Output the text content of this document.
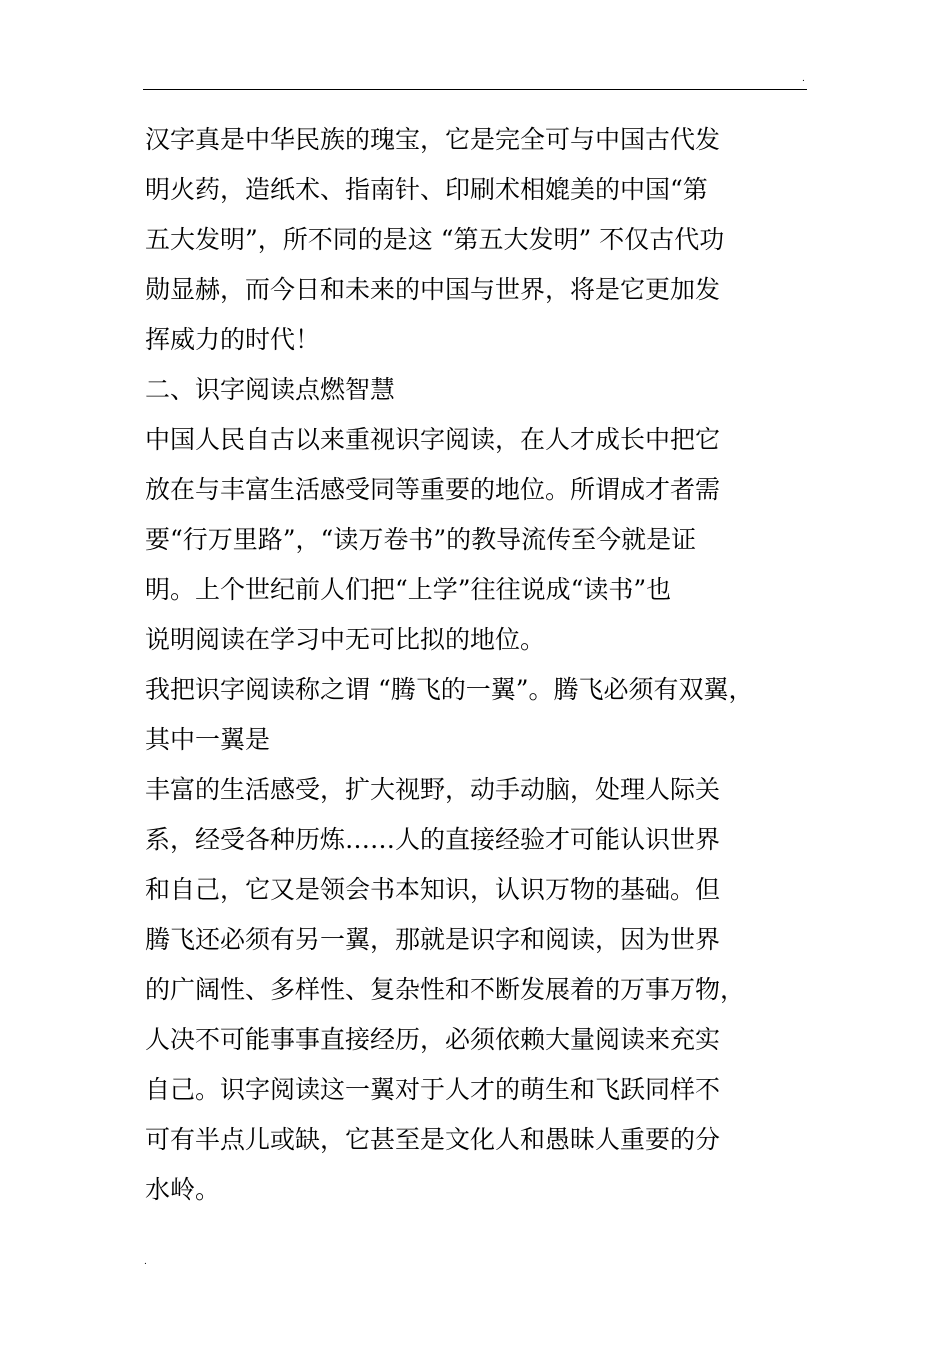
.
汉字真是中华民族的瑰宝，它是完全可与中国古代发
明火药，造纸术、指南针、印刷术相媲美的中国“第
五大发明”，所不同的是这 “第五大发明” 不仅古代功
勋显赫，而今日和未来的中国与世界，将是它更加发
挥威力的时代！
二、识字阅读点燃智慧
中国人民自古以来重视识字阅读，在人才成长中把它
放在与丰富生活感受同等重要的地位。所谓成才者需
要“行万里路”，“读万卷书”的教导流传至今就是证
明。上个世纪前人们把“上学”往往说成“读书”也
说明阅读在学习中无可比拟的地位。
我把识字阅读称之谓 “腾飞的一翼”。腾飞必须有双翼，
其中一翼是
丰富的生活感受，扩大视野，动手动脑，处理人际关
系，经受各种历炼……人的直接经验才可能认识世界
和自己，它又是领会书本知识，认识万物的基础。但
腾飞还必须有另一翼，那就是识字和阅读，因为世界
的广阔性、多样性、复杂性和不断发展着的万事万物，
人决不可能事事直接经历，必须依赖大量阅读来充实
自己。识字阅读这一翼对于人才的萌生和飞跃同样不
可有半点儿或缺，它甚至是文化人和愚昧人重要的分
水岭。
.
